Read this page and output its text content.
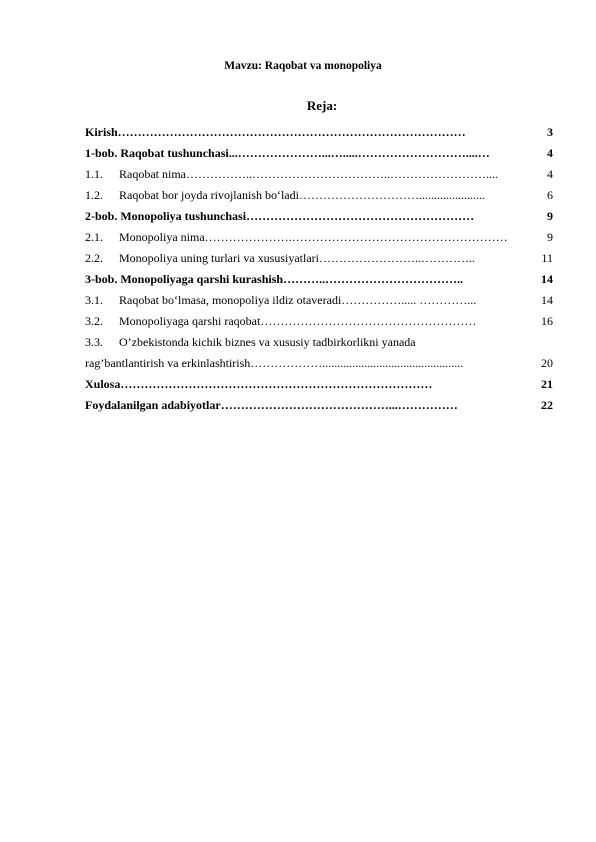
Mavzu: Raqobat va monopoliya
Reja:
Kirish ……………………………………………………………………………	3
1-bob. Raqobat tushunchasi ...…………………...….....………………………....…	4
1.1.	Raqobat nima ……………..……………………………..……………………....	4
1.2.	Raqobat bor joyda rivojlanish bo‘ladi …………………………......................	6
2-bob. Monopoliya tushunchasi …………………………………………………	9
2.1.	Monopoliya nima ………………….………………………………………………	9
2.2.	Monopoliya uning turlari va xususiyatlari ……………………..…………..	11
3-bob. Monopoliyaga qarshi kurashish ………..……………………………..	14
3.1.	Raqobat bo‘lmasa, monopoliya ildiz otaveradi ……………..... …………...	14
3.2.	Monopoliyaga qarshi raqobat ………………………………………………	16
3.3.	O’zbekistonda kichik biznes va xususiy tadbirkorlikni yanada
rag’bantlantirish va erkinlashtirish ………………...............................................	20
Xulosa ……………………………………………………………………	21
Foydalanilgan adabiyotlar ……………………………………...……………	22
